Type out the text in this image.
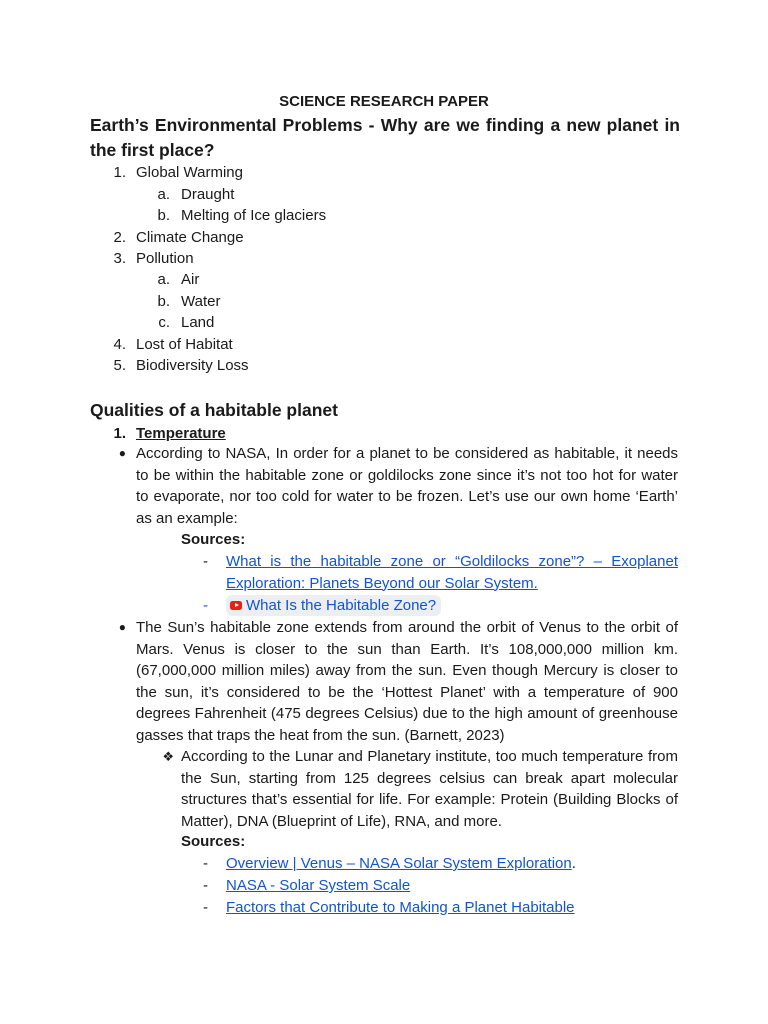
SCIENCE RESEARCH PAPER
Earth’s Environmental Problems - Why are we finding a new planet in the first place?
1. Global Warming
a. Draught
b. Melting of Ice glaciers
2. Climate Change
3. Pollution
a. Air
b. Water
c. Land
4. Lost of Habitat
5. Biodiversity Loss
Qualities of a habitable planet
1. Temperature
● According to NASA, In order for a planet to be considered as habitable, it needs to be within the habitable zone or goldilocks zone since it’s not too hot for water to evaporate, nor too cold for water to be frozen. Let’s use our own home ‘Earth’ as an example:
Sources:
- What is the habitable zone or “Goldilocks zone”? – Exoplanet Exploration: Planets Beyond our Solar System.
-	What Is the Habitable Zone?
● The Sun’s habitable zone extends from around the orbit of Venus to the orbit of Mars. Venus is closer to the sun than Earth. It’s 108,000,000 million km. (67,000,000 million miles) away from the sun. Even though Mercury is closer to the sun, it’s considered to be the ‘Hottest Planet’ with a temperature of 900 degrees Fahrenheit (475 degrees Celsius) due to the high amount of greenhouse gasses that traps the heat from the sun. (Barnett, 2023)
❖ According to the Lunar and Planetary institute, too much temperature from the Sun, starting from 125 degrees celsius can break apart molecular structures that’s essential for life. For example: Protein (Building Blocks of Matter), DNA (Blueprint of Life), RNA, and more.
Sources:
- Overview | Venus – NASA Solar System Exploration.
- NASA - Solar System Scale
- Factors that Contribute to Making a Planet Habitable
